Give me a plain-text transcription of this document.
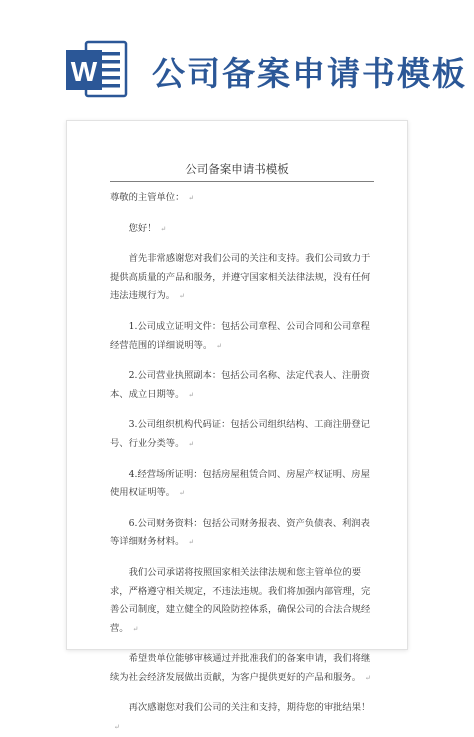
W 公司备案申请书模板
公司备案申请书模板

尊敬的主管单位： ↵

您好！ ↵

首先非常感谢您对我们公司的关注和支持。我们公司致力于提供高质量的产品和服务，并遵守国家相关法律法规，没有任何违法违规行为。 ↵

1.公司成立证明文件：包括公司章程、公司合同和公司章程经营范围的详细说明等。 ↵

2.公司营业执照副本：包括公司名称、法定代表人、注册资本、成立日期等。 ↵

3.公司组织机构代码证：包括公司组织结构、工商注册登记号、行业分类等。 ↵

4.经营场所证明：包括房屋租赁合同、房屋产权证明、房屋使用权证明等。 ↵

6.公司财务资料：包括公司财务报表、资产负债表、利润表等详细财务材料。 ↵

我们公司承诺将按照国家相关法律法规和您主管单位的要求，严格遵守相关规定，不违法违规。我们将加强内部管理，完善公司制度，建立健全的风险防控体系，确保公司的合法合规经营。 ↵

希望贵单位能够审核通过并批准我们的备案申请，我们将继续为社会经济发展做出贡献，为客户提供更好的产品和服务。 ↵

再次感谢您对我们公司的关注和支持，期待您的审批结果！↵
